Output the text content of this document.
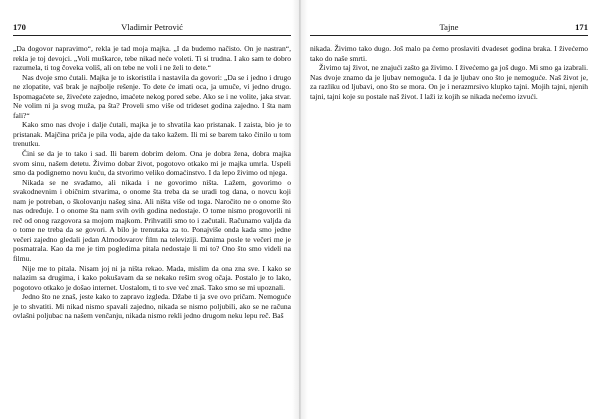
170	Vladimir Petrović

„Da dogovor napravimo“, rekla je tad moja majka. „I da budemo načisto. On je nastran“, rekla je toj devojci. „Voli muškarce, tebe nikad neće voleti. Ti si trudna. I ako sam te dobro razumela, ti tog čoveka voliš, ali on tebe ne voli i ne želi to dete.“

Nas dvoje smo ćutali. Majka je to iskoristila i nastavila da govori: „Da se i jedno i drugo ne zlopatite, vaš brak je najbolje rešenje. To dete će imati oca, ja umuče, vi jedno drugo. Ispomagaćete se, živećete zajedno, imaćete nekog pored sebe. Ako se i ne volite, jaka stvar. Ne volim ni ja svog muža, pa šta? Proveli smo više od trideset godina zajedno. I šta nam fali?“

Kako smo nas dvoje i dalje ćutali, majka je to shvatila kao pristanak. I zaista, bio je to pristanak. Majčina priča je pila voda, ajde da tako kažem. Ili mi se barem tako činilo u tom trenutku.

Čini se da je to tako i sad. Ili barem dobrim delom. Ona je dobra žena, dobra majka svom sinu, našem detetu. Živimo dobar život, pogotovo otkako mi je majka umrla. Uspeli smo da podignemo novu kuću, da stvorimo veliko domaćinstvo. I da lepo živimo od njega.

Nikada se ne svađamo, ali nikada i ne govorimo ništa. Lažem, govorimo o svakodnevnim i običnim stvarima, o onome šta treba da se uradi tog dana, o novcu koji nam je potreban, o školovanju našeg sina. Ali ništa više od toga. Naročito ne o onome što nas određuje. I o onome šta nam svih ovih godina nedostaje. O tome nismo progovorili ni reč od onog razgovora sa mojom majkom. Prihvatili smo to i začutali. Računamo valjda da o tome ne treba da se govori. A bilo je trenutaka za to. Ponajviše onda kada smo jedne večeri zajedno gledali jedan Almodovarov film na televiziji. Danima posle te večeri me je posmatrala. Kao da me je tim pogledima pitala nedostaje li mi to? Ono što smo videli na filmu.

Nije me to pitala. Nisam joj ni ja ništa rekao. Mada, mislim da ona zna sve. I kako se nalazim sa drugima, i kako pokušavam da se nekako rešim svog očaja. Postalo je to lako, pogotovo otkako je došao internet. Uostalom, ti to sve već znaš. Tako smo se mi upoznali.

Jedno što ne znaš, jeste kako to zapravo izgleda. Džabe ti ja sve ovo pričam. Nemoguće je to shvatiti. Mi nikad nismo spavali zajedno, nikada se nismo poljubili, ako se ne računa ovlašni poljubac na našem venčanju, nikada nismo rekli jedno drugom neku lepu reč. Baš

Tajne	171

nikada. Živimo tako dugo. Još malo pa ćemo proslaviti dvadeset godina braka. I živećemo tako do naše smrti.

Živimo taj život, ne znajući zašto ga živimo. I živećemo ga još dugo. Mi smo ga izabrali. Nas dvoje znamo da je ljubav nemoguća. I da je ljubav ono što je nemoguće. Naš život je, za razliku od ljubavi, ono što se mora. On je i nerazmrsivo klupko tajni. Mojih tajni, njenih tajni, tajni koje su postale naš život. I laži iz kojih se nikada nećemo izvući.
